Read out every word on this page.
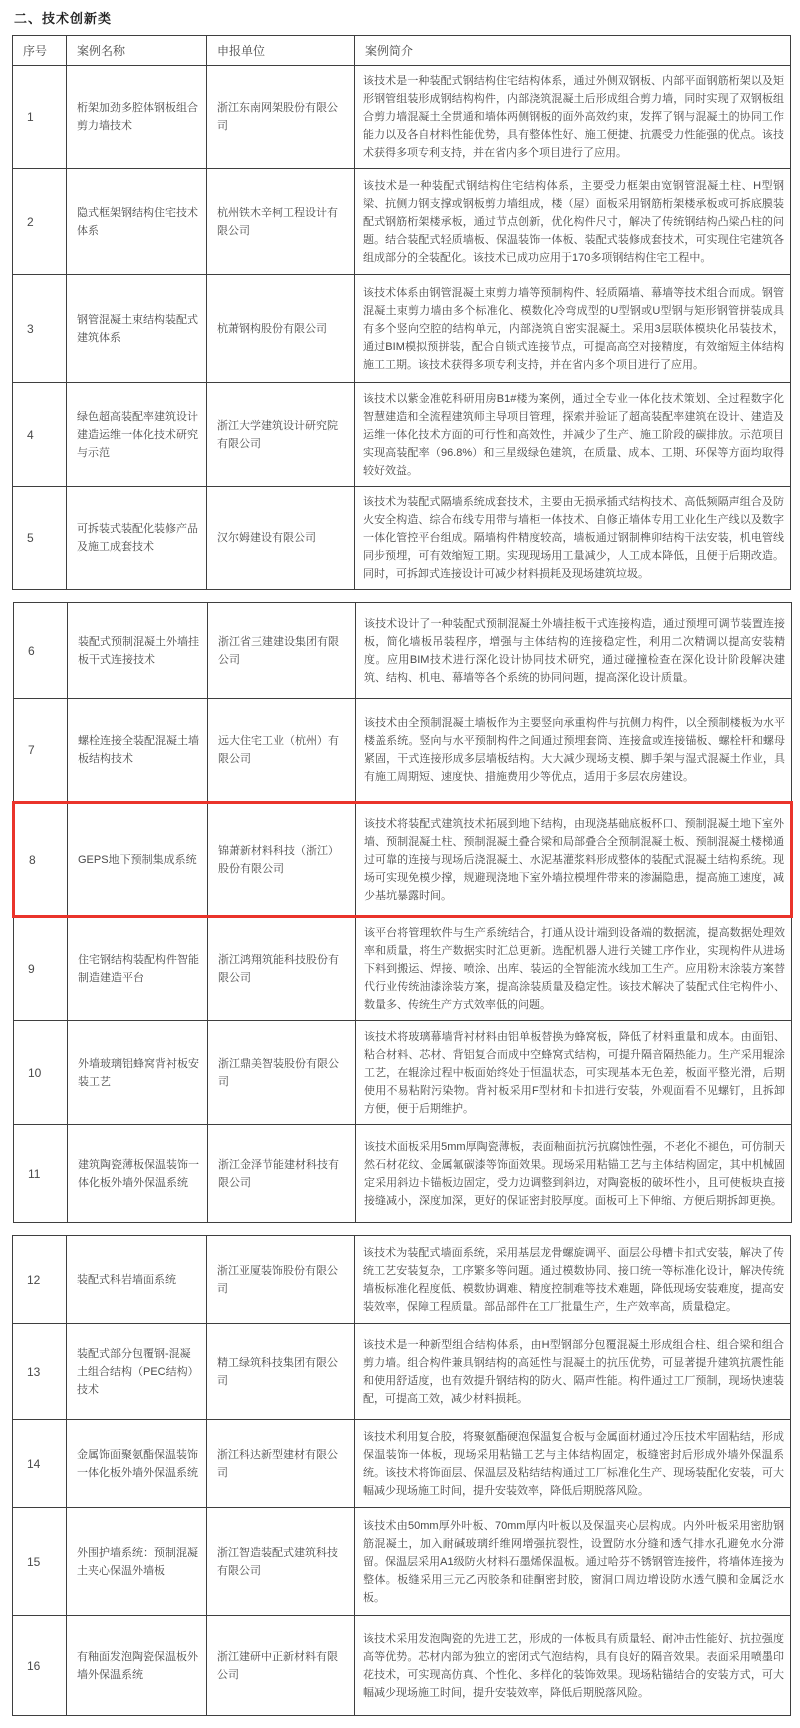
二、技术创新类
序号	案例名称	申报单位	案例简介
1	桁架加劲多腔体钢板组合剪力墙技术	浙江东南网架股份有限公司	该技术是一种装配式钢结构住宅结构体系，通过外侧双钢板、内部平面钢筋桁架以及矩形钢管组装形成钢结构构件，内部浇筑混凝土后形成组合剪力墙，同时实现了双钢板组合剪力墙混凝土全贯通和墙体两侧钢板的面外高效约束，发挥了钢与混凝土的协同工作能力以及各自材料性能优势，具有整体性好、施工便捷、抗震受力性能强的优点。该技术获得多项专利支持，并在省内多个项目进行了应用。
2	隐式框架钢结构住宅技术体系	杭州铁木辛柯工程设计有限公司	该技术是一种装配式钢结构住宅结构体系，主要受力框架由宽钢管混凝土柱、H型钢梁、抗侧力钢支撑或钢板剪力墙组成，楼（屋）面板采用钢筋桁架楼承板或可拆底膜装配式钢筋桁架楼承板，通过节点创新，优化构件尺寸，解决了传统钢结构凸梁凸柱的问题。结合装配式轻质墙板、保温装饰一体板、装配式装修成套技术，可实现住宅建筑各组成部分的全装配化。该技术已成功应用于170多项钢结构住宅工程中。
3	钢管混凝土束结构装配式建筑体系	杭萧钢构股份有限公司	该技术体系由钢管混凝土束剪力墙等预制构件、轻质隔墙、幕墙等技术组合而成。钢管混凝土束剪力墙由多个标准化、模数化冷弯成型的U型钢或U型钢与矩形钢管拼装成具有多个竖向空腔的结构单元，内部浇筑自密实混凝土。采用3层联体模块化吊装技术，通过BIM模拟预拼装，配合自锁式连接节点，可提高高空对接精度，有效缩短主体结构施工工期。该技术获得多项专利支持，并在省内多个项目进行了应用。
4	绿色超高装配率建筑设计建造运维一体化技术研究与示范	浙江大学建筑设计研究院有限公司	该技术以紫金准乾科研用房B1#楼为案例，通过全专业一体化技术策划、全过程数字化智慧建造和全流程建筑师主导项目管理，探索并验证了超高装配率建筑在设计、建造及运维一体化技术方面的可行性和高效性，并减少了生产、施工阶段的碳排放。示范项目实现高装配率（96.8%）和三星级绿色建筑，在质量、成本、工期、环保等方面均取得较好效益。
5	可拆装式装配化装修产品及施工成套技术	汉尔姆建设有限公司	该技术为装配式隔墙系统成套技术，主要由无损承插式结构技术、高低频隔声组合及防火安全构造、综合布线专用带与墙柜一体技术、自修正墙体专用工业化生产线以及数字一体化管控平台组成。隔墙构件精度较高，墙板通过钢制榫卯结构干法安装，机电管线同步预埋，可有效缩短工期。实现现场用工量减少，人工成本降低，且便于后期改造。同时，可拆卸式连接设计可减少材料损耗及现场建筑垃圾。
6	装配式预制混凝土外墙挂板干式连接技术	浙江省三建建设集团有限公司	该技术设计了一种装配式预制混凝土外墙挂板干式连接构造，通过预埋可调节装置连接板，简化墙板吊装程序，增强与主体结构的连接稳定性，利用二次精调以提高安装精度。应用BIM技术进行深化设计协同技术研究，通过碰撞检查在深化设计阶段解决建筑、结构、机电、幕墙等各个系统的协同问题，提高深化设计质量。
7	螺栓连接全装配混凝土墙板结构技术	远大住宅工业（杭州）有限公司	该技术由全预制混凝土墙板作为主要竖向承重构件与抗侧力构件，以全预制楼板为水平楼盖系统。竖向与水平预制构件之间通过预埋套筒、连接盒或连接锚板、螺栓杆和螺母紧固，干式连接形成多层墙板结构。大大减少现场支模、脚手架与湿式混凝土作业，具有施工周期短、速度快、措施费用少等优点，适用于多层农房建设。
8	GEPS地下预制集成系统	锦萧新材料科技（浙江）股份有限公司	该技术将装配式建筑技术拓展到地下结构，由现浇基础底板杯口、预制混凝土地下室外墙、预制混凝土柱、预制混凝土叠合梁和局部叠合全预制混凝土板、预制混凝土楼梯通过可靠的连接与现场后浇混凝土、水泥基灌浆料形成整体的装配式混凝土结构系统。现场可实现免模少撑，规避现浇地下室外墙拉模埋件带来的渗漏隐患，提高施工速度，减少基坑暴露时间。
9	住宅钢结构装配构件智能制造建造平台	浙江鸿翔筑能科技股份有限公司	该平台将管理软件与生产系统结合，打通从设计端到设备端的数据流，提高数据处理效率和质量，将生产数据实时汇总更新。选配机器人进行关键工序作业，实现构件从进场下料到搬运、焊接、喷涂、出库、装运的全智能流水线加工生产。应用粉末涂装方案替代行业传统油漆涂装方案，提高涂装质量及稳定性。该技术解决了装配式住宅构件小、数量多、传统生产方式效率低的问题。
10	外墙玻璃铝蜂窝背衬板安装工艺	浙江鼎美智装股份有限公司	该技术将玻璃幕墙背衬材料由铝单板替换为蜂窝板，降低了材料重量和成本。由面铝、粘合材料、芯材、背铝复合而成中空蜂窝式结构，可提升隔音隔热能力。生产采用辊涂工艺，在辊涂过程中板面始终处于恒温状态，可实现基本无色差，板面平整光滑，后期使用不易粘附污染物。背衬板采用F型材和卡扣进行安装，外观面看不见螺钉，且拆卸方便，便于后期维护。
11	建筑陶瓷薄板保温装饰一体化板外墙外保温系统	浙江金泽节能建材科技有限公司	该技术面板采用5mm厚陶瓷薄板，表面釉面抗污抗腐蚀性强，不老化不褪色，可仿制天然石材花纹、金属氟碳漆等饰面效果。现场采用粘锚工艺与主体结构固定，其中机械固定采用斜边卡锚板边固定，受力边调整到斜边，对陶瓷板的破坏性小，且可使板块直接接缝减小，深度加深，更好的保证密封胶厚度。面板可上下伸缩、方便后期拆卸更换。
12	装配式科岩墙面系统	浙江亚厦装饰股份有限公司	该技术为装配式墙面系统，采用基层龙骨螺旋调平、面层公母槽卡扣式安装，解决了传统工艺安装复杂，工序繁多等问题。通过模数协同、接口统一等标准化设计，解决传统墙板标准化程度低、模数协调难、精度控制难等技术难题，降低现场安装难度，提高安装效率，保障工程质量。部品部件在工厂批量生产，生产效率高，质量稳定。
13	装配式部分包覆钢-混凝土组合结构（PEC结构）技术	精工绿筑科技集团有限公司	该技术是一种新型组合结构体系，由H型钢部分包覆混凝土形成组合柱、组合梁和组合剪力墙。组合构件兼具钢结构的高延性与混凝土的抗压优势，可显著提升建筑抗震性能和使用舒适度，也有效提升钢结构的防火、隔声性能。构件通过工厂预制，现场快速装配，可提高工效，减少材料损耗。
14	金属饰面聚氨酯保温装饰一体化板外墙外保温系统	浙江科达新型建材有限公司	该技术利用复合胶，将聚氨酯硬泡保温复合板与金属面材通过冷压技术牢固粘结，形成保温装饰一体板，现场采用粘锚工艺与主体结构固定，板缝密封后形成外墙外保温系统。该技术将饰面层、保温层及粘结结构通过工厂标准化生产、现场装配化安装，可大幅减少现场施工时间，提升安装效率，降低后期脱落风险。
15	外围护墙系统：预制混凝土夹心保温外墙板	浙江智造装配式建筑科技有限公司	该技术由50mm厚外叶板、70mm厚内叶板以及保温夹心层构成。内外叶板采用密肋钢筋混凝土，加入耐碱玻璃纤维网增强抗裂性，设置防水分缝和透气排水孔避免水分滞留。保温层采用A1级防火材料石墨烯保温板。通过哈芬不锈钢管连接件，将墙体连接为整体。板缝采用三元乙丙胶条和硅酮密封胶，窗洞口周边增设防水透气膜和金属泛水板。
16	有釉面发泡陶瓷保温板外墙外保温系统	浙江建研中正新材料有限公司	该技术采用发泡陶瓷的先进工艺，形成的一体板具有质量轻、耐冲击性能好、抗拉强度高等优势。芯材内部为独立的密闭式气泡结构，具有良好的隔音效果。表面采用喷墨印花技术，可实现高仿真、个性化、多样化的装饰效果。现场粘锚结合的安装方式，可大幅减少现场施工时间，提升安装效率，降低后期脱落风险。
